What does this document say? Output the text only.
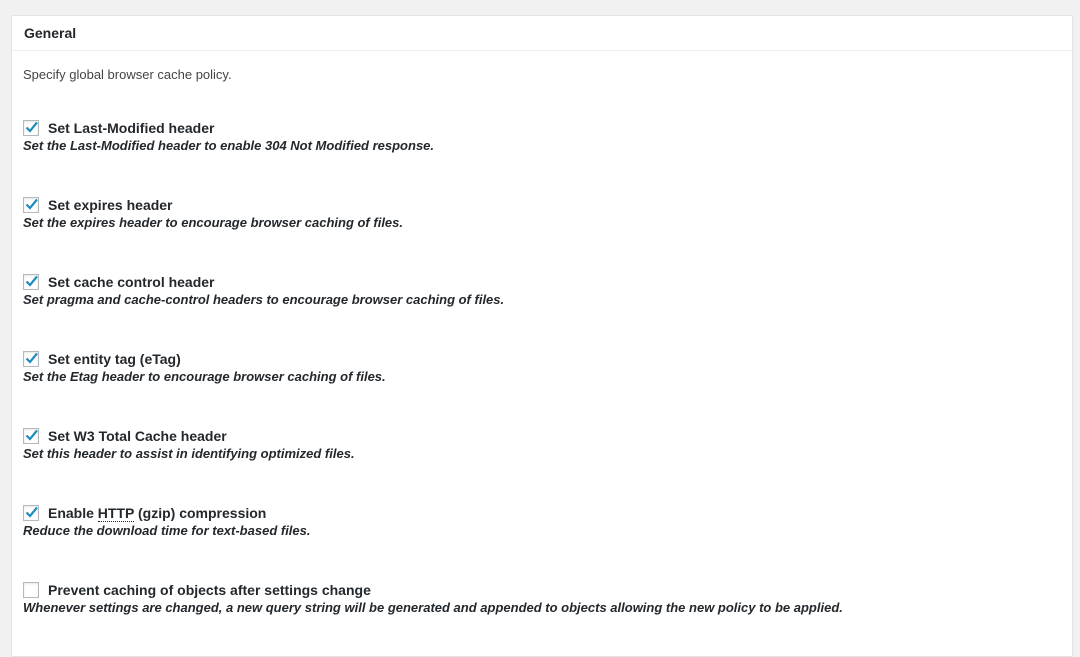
General
Specify global browser cache policy.
Set Last-Modified header
Set the Last-Modified header to enable 304 Not Modified response.
Set expires header
Set the expires header to encourage browser caching of files.
Set cache control header
Set pragma and cache-control headers to encourage browser caching of files.
Set entity tag (eTag)
Set the Etag header to encourage browser caching of files.
Set W3 Total Cache header
Set this header to assist in identifying optimized files.
Enable HTTP (gzip) compression
Reduce the download time for text-based files.
Prevent caching of objects after settings change
Whenever settings are changed, a new query string will be generated and appended to objects allowing the new policy to be applied.
